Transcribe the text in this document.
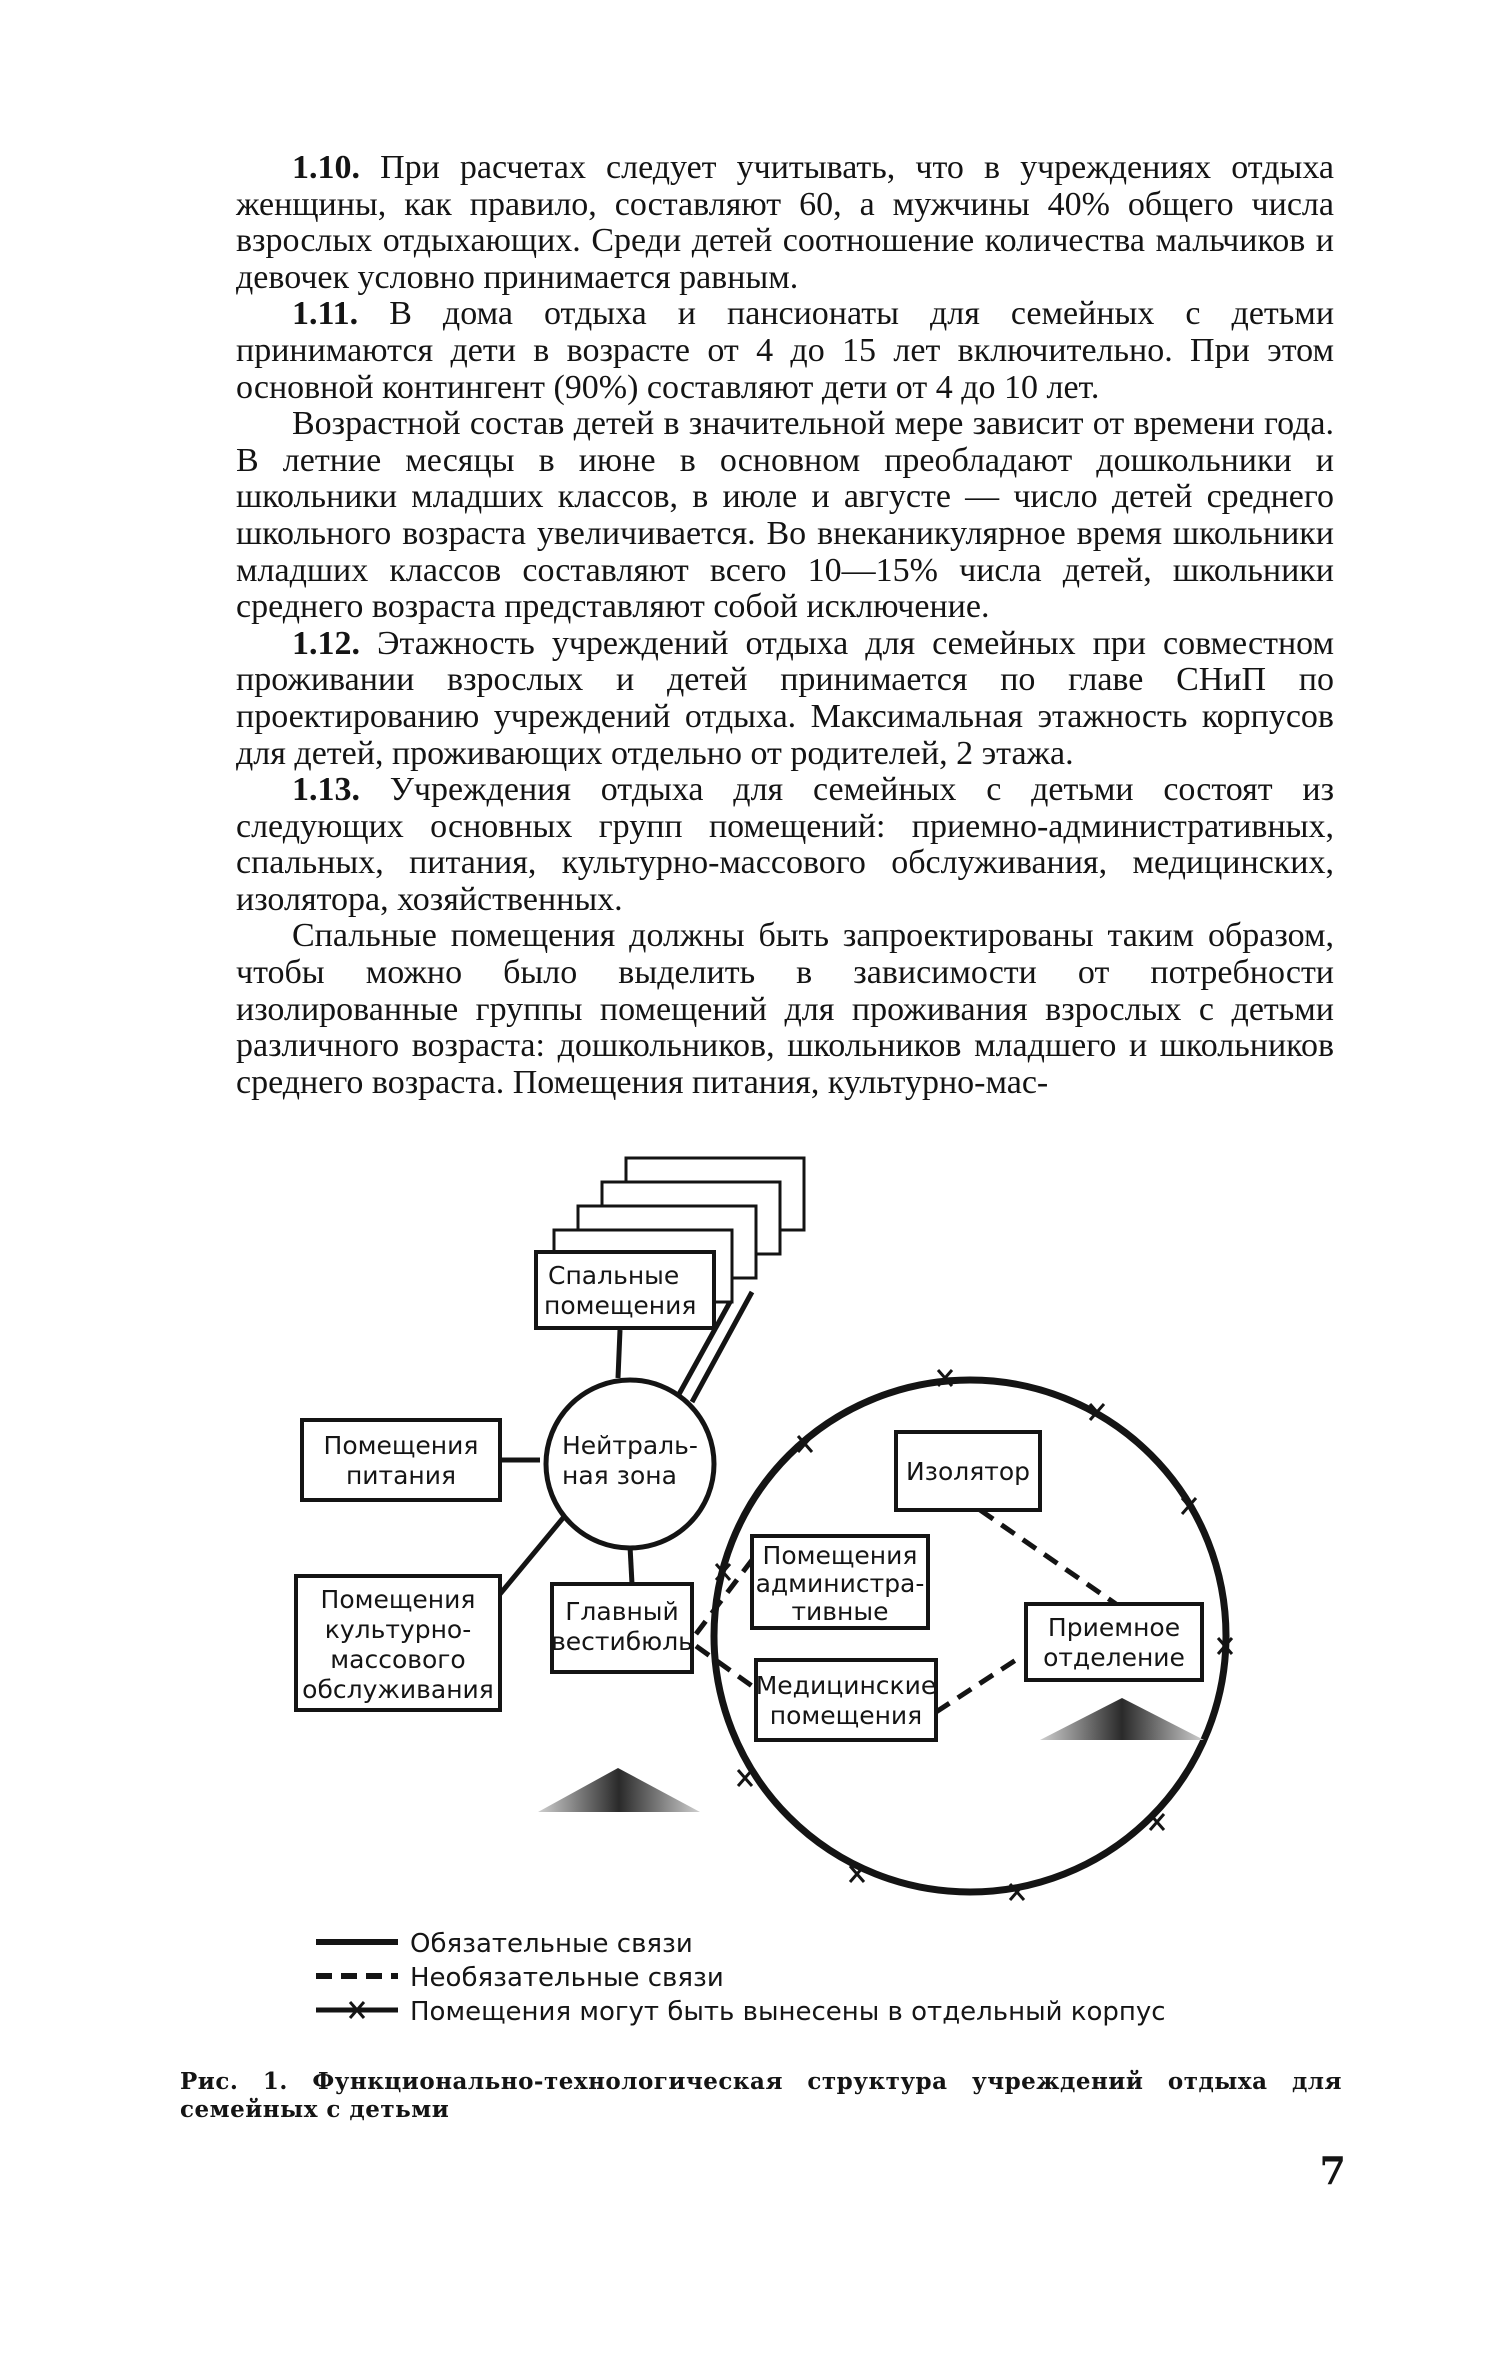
1.10. При расчетах следует учитывать, что в учреждениях отдыха женщины, как правило, составляют 60, а мужчины 40% общего числа взрослых отдыхающих. Среди детей соотношение количества мальчиков и девочек условно принимается равным.

1.11. В дома отдыха и пансионаты для семейных с детьми принимаются дети в возрасте от 4 до 15 лет включительно. При этом основной контингент (90%) составляют дети от 4 до 10 лет.

Возрастной состав детей в значительной мере зависит от времени года. В летние месяцы в июне в основном преобладают дошкольники и школьники младших классов, в июле и августе — число детей среднего школьного возраста увеличивается. Во внеканикулярное время школьники младших классов составляют всего 10—15% числа детей, школьники среднего возраста представляют собой исключение.

1.12. Этажность учреждений отдыха для семейных при совместном проживании взрослых и детей принимается по главе СНиП по проектированию учреждений отдыха. Максимальная этажность корпусов для детей, проживающих отдельно от родителей, 2 этажа.

1.13. Учреждения отдыха для семейных с детьми состоят из следующих основных групп помещений: приемно-административных, спальных, питания, культурно-массового обслуживания, медицинских, изолятора, хозяйственных.

Спальные помещения должны быть запроектированы таким образом, чтобы можно было выделить в зависимости от потребности изолированные группы помещений для проживания взрослых с детьми различного возраста: дошкольников, школьников младшего и школьников среднего возраста. Помещения питания, культурно-мас-

Спальные
помещения
Нейтраль-
ная зона
Помещения
питания
Помещения
культурно-
массового
обслуживания
Главный
вестибюль
Изолятор
Помещения
администра-
тивные
Приемное
отделение
Медицинские
помещения
Обязательные связи
Необязательные связи
Помещения могут быть вынесены в отдельный корпус
Рис. 1. Функционально-технологическая структура учреждений отдыха для семейных с детьми
7
